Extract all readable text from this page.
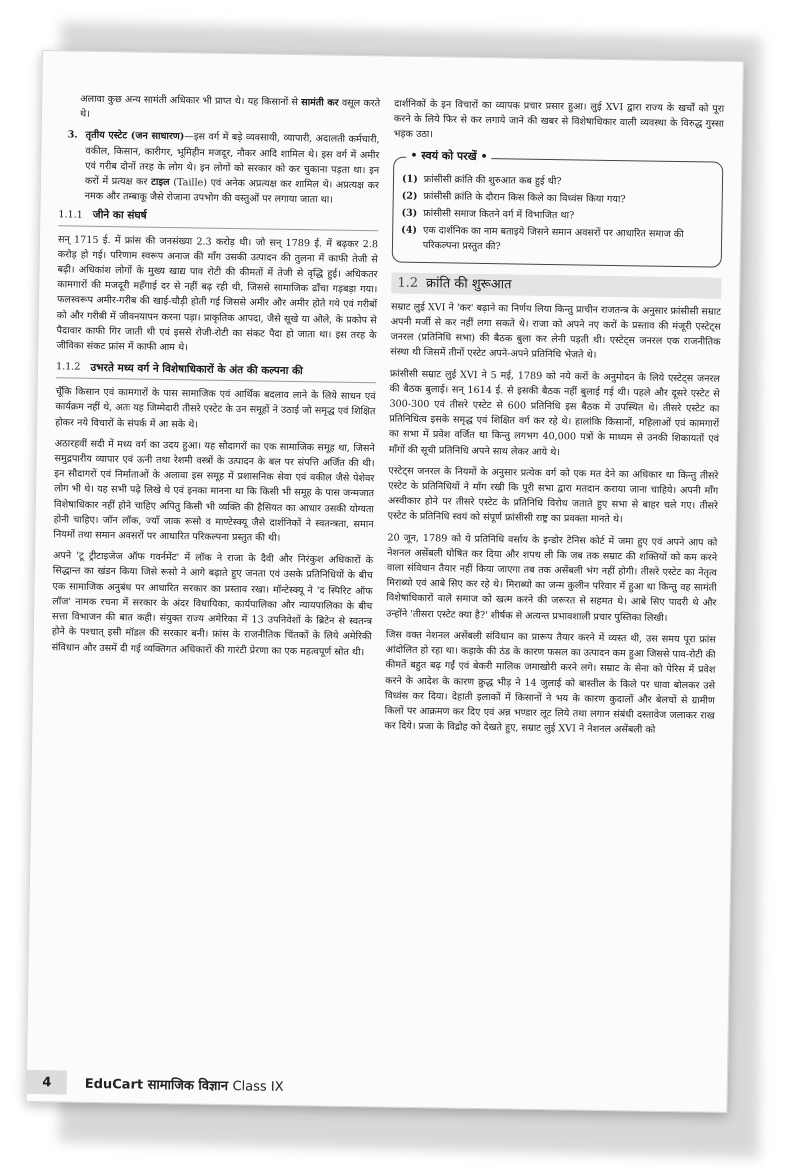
अलावा कुछ अन्य सामंती अधिकार भी प्राप्त थे। यह किसानों से सामंती कर वसूल करते थे।

3. तृतीय एस्टेट (जन साधारण)—इस वर्ग में बड़े व्यवसायी, व्यापारी, अदालती कर्मचारी, वकील, किसान, कारीगर, भूमिहीन मजदूर, नौकर आदि शामिल थे। इस वर्ग में अमीर एवं गरीब दोनों तरह के लोग थे। इन लोगों को सरकार को कर चुकाना पड़ता था। इन करों में प्रत्यक्ष कर टाइल (Taille) एवं अनेक अप्रत्यक्ष कर शामिल थे। अप्रत्यक्ष कर नमक और तम्बाकू जैसे रोजाना उपभोग की वस्तुओं पर लगाया जाता था।

1.1.1 जीने का संघर्ष

सन् 1715 ई. में फ्रांस की जनसंख्या 2.3 करोड़ थी। जो सन् 1789 ई. में बढ़कर 2.8 करोड़ हो गई। परिणाम स्वरूप अनाज की माँग उसकी उत्पादन की तुलना में काफी तेजी से बढ़ी। अधिकांश लोगों के मुख्य खाद्य पाव रोटी की कीमतों में तेजी से वृद्धि हुई। अधिकतर कामगारों की मजदूरी महँगाई दर से नहीं बढ़ रही थी, जिससे सामाजिक ढाँचा गड़बड़ा गया। फलस्वरूप अमीर-गरीब की खाई-चौड़ी होती गई जिससे अमीर और अमीर होते गये एवं गरीबों को और गरीबी में जीवनयापन करना पड़ा। प्राकृतिक आपदा, जैसे सूखे या ओले, के प्रकोप से पैदावार काफी गिर जाती थी एवं इससे रोजी-रोटी का संकट पैदा हो जाता था। इस तरह के जीविका संकट फ्रांस में काफी आम थे।

1.1.2 उभरते मध्य वर्ग ने विशेषाधिकारों के अंत की कल्पना की

चूँकि किसान एवं कामगारों के पास सामाजिक एवं आर्थिक बदलाव लाने के लिये साधन एवं कार्यक्रम नहीं थे, अतः यह जिम्मेदारी तीसरे एस्टेट के उन समूहों ने उठाई जो समृद्ध एवं शिक्षित होकर नये विचारों के संपर्क में आ सके थे।

अठारहवीं सदी में मध्य वर्ग का उदय हुआ। यह सौदागरों का एक सामाजिक समूह था, जिसने समुद्रपारीय व्यापार एवं ऊनी तथा रेशमी वस्त्रों के उत्पादन के बल पर संपत्ति अर्जित की थी। इन सौदागरों एवं निर्माताओं के अलावा इस समूह में प्रशासनिक सेवा एवं वकील जैसे पेशेवर लोग भी थे। यह सभी पढ़े लिखे थे एवं इनका मानना था कि किसी भी समूह के पास जन्मजात विशेषाधिकार नहीं होने चाहिए अपितु किसी भी व्यक्ति की हैसियत का आधार उसकी योग्यता होनी चाहिए। जॉन लॉक, ज्याँ जाक रूसो व माण्टेस्क्यू जैसे दार्शनिकों ने स्वतन्त्रता, समान नियमों तथा समान अवसरों पर आधारित परिकल्पना प्रस्तुत की थी।

अपने 'टू ट्रीटाइजेज ऑफ गवर्नमेंट' में लॉक ने राजा के दैवी और निरंकुश अधिकारों के सिद्धान्त का खंडन किया जिसे रूसो ने आगे बढ़ाते हुए जनता एवं उसके प्रतिनिधियों के बीच एक सामाजिक अनुबंध पर आधारित सरकार का प्रस्ताव रखा। मॉन्टेस्क्यू ने 'द स्पिरिट ऑफ लॉज' नामक रचना में सरकार के अंदर विधायिका, कार्यपालिका और न्यायपालिका के बीच सत्ता विभाजन की बात कही। संयुक्त राज्य अमेरिका में 13 उपनिवेशों के ब्रिटेन से स्वतन्त्र होने के पश्चात् इसी मॉडल की सरकार बनी। फ्रांस के राजनीतिक चिंतकों के लिये अमेरिकी संविधान और उसमें दी गई व्यक्तिगत अधिकारों की गारंटी प्रेरणा का एक महत्वपूर्ण स्रोत थी।

दार्शनिकों के इन विचारों का व्यापक प्रचार प्रसार हुआ। लुई XVI द्वारा राज्य के खर्चों को पूरा करने के लिये फिर से कर लगाये जाने की खबर से विशेषाधिकार वाली व्यवस्था के विरुद्ध गुस्सा भड़क उठा।

• स्वयं को परखें •
(1) फ्रांसीसी क्रांति की शुरुआत कब हुई थी?
(2) फ्रांसीसी क्रांति के दौरान किस किले का विध्वंस किया गया?
(3) फ्रांसीसी समाज कितने वर्ग में विभाजित था?
(4) एक दार्शनिक का नाम बताइये जिसने समान अवसरों पर आधारित समाज की परिकल्पना प्रस्तुत की?
1.2 क्रांति की शुरूआत

सम्राट लुई XVI ने 'कर' बढ़ाने का निर्णय लिया किन्तु प्राचीन राजतन्त्र के अनुसार फ्रांसीसी सम्राट अपनी मर्जी से कर नहीं लगा सकते थे। राजा को अपने नए करों के प्रस्ताव की मंजूरी एस्टेट्स जनरल (प्रतिनिधि सभा) की बैठक बुला कर लेनी पड़ती थी। एस्टेट्स जनरल एक राजनीतिक संस्था थी जिसमें तीनों एस्टेट अपने-अपने प्रतिनिधि भेजते थे।

फ्रांसीसी सम्राट लुई XVI ने 5 मई, 1789 को नये करों के अनुमोदन के लिये एस्टेट्स जनरल की बैठक बुलाई। सन् 1614 ई. से इसकी बैठक नहीं बुलाई गई थी। पहले और दूसरे एस्टेट से 300-300 एवं तीसरे एस्टेट से 600 प्रतिनिधि इस बैठक में उपस्थित थे। तीसरे एस्टेट का प्रतिनिधित्व इसके समृद्ध एवं शिक्षित वर्ग कर रहे थे। हालांकि किसानों, महिलाओं एवं कामगारों का सभा में प्रवेश वर्जित था किन्तु लगभग 40,000 पत्रों के माध्यम से उनकी शिकायतों एवं माँगों की सूची प्रतिनिधि अपने साथ लेकर आये थे।

एस्टेट्स जनरल के नियमों के अनुसार प्रत्येक वर्ग को एक मत देने का अधिकार था किन्तु तीसरे एस्टेट के प्रतिनिधियों ने माँग रखी कि पूरी सभा द्वारा मतदान कराया जाना चाहिये। अपनी माँग अस्वीकार होने पर तीसरे एस्टेट के प्रतिनिधि विरोध जताते हुए सभा से बाहर चले गए। तीसरे एस्टेट के प्रतिनिधि स्वयं को संपूर्ण फ्रांसीसी राष्ट्र का प्रवक्ता मानते थे।

20 जून, 1789 को ये प्रतिनिधि वर्साय के इन्डोर टेनिस कोर्ट में जमा हुए एवं अपने आप को नेशनल असेंबली घोषित कर दिया और शपथ ली कि जब तक सम्राट की शक्तियों को कम करने वाला संविधान तैयार नहीं किया जाएगा तब तक असेंबली भंग नहीं होगी। तीसरे एस्टेट का नेतृत्व मिराब्यो एवं आबे सिए कर रहे थे। मिराब्यो का जन्म कुलीन परिवार में हुआ था किन्तु वह सामंती विशेषाधिकारों वाले समाज को खत्म करने की जरूरत से सहमत थे। आबे सिए पादरी थे और उन्होंने 'तीसरा एस्टेट क्या है?' शीर्षक से अत्यन्त प्रभावशाली प्रचार पुस्तिका लिखी।

जिस वक्त नेशनल असेंबली संविधान का प्रारूप तैयार करने में व्यस्त थी, उस समय पूरा फ्रांस आंदोलित हो रहा था। कड़ाके की ठंड के कारण फसल का उत्पादन कम हुआ जिससे पाव-रोटी की कीमतें बहुत बढ़ गईं एवं बेकरी मालिक जमाखोरी करने लगे। सम्राट के सेना को पेरिस में प्रवेश करने के आदेश के कारण क्रुद्ध भीड़ ने 14 जुलाई को बास्तील के किले पर धावा बोलकर उसे विध्वंस कर दिया। देहाती इलाकों में किसानों ने भय के कारण कुदालों और बेलचों से ग्रामीण किलों पर आक्रमण कर दिए एवं अन्न भण्डार लूट लिये तथा लगान संबंधी दस्तावेज जलाकर राख कर दिये। प्रजा के विद्रोह को देखते हुए, सम्राट लुई XVI ने नेशनल असेंबली को

4	EduCart सामाजिक विज्ञान Class IX
